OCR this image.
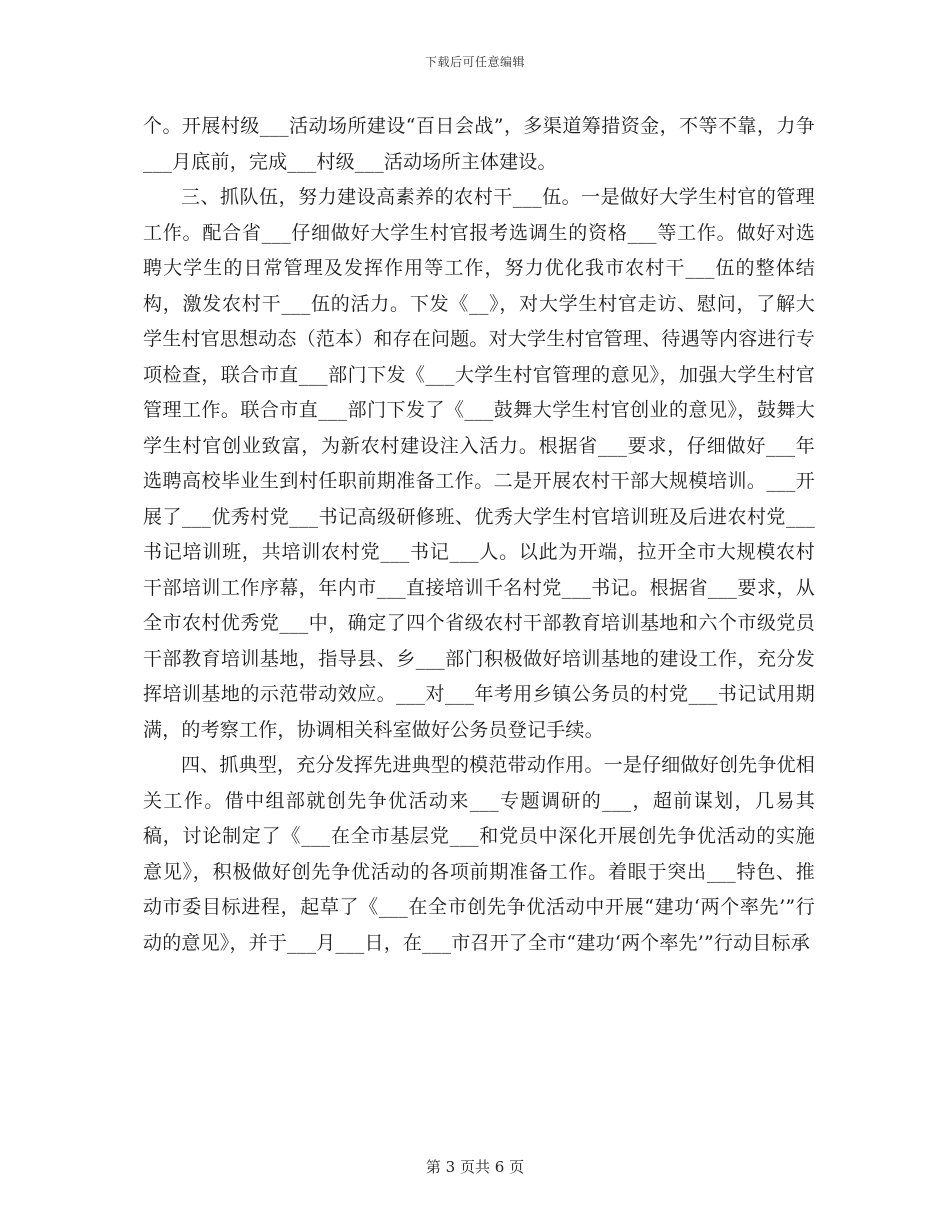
下载后可任意编辑

个。开展村级___活动场所建设“百日会战”，多渠道筹措资金，不等不靠，力争___月底前，完成___村级___活动场所主体建设。

三、抓队伍，努力建设高素养的农村干___伍。一是做好大学生村官的管理工作。配合省___仔细做好大学生村官报考选调生的资格___等工作。做好对选聘大学生的日常管理及发挥作用等工作，努力优化我市农村干___伍的整体结构，激发农村干___伍的活力。下发《__》，对大学生村官走访、慰问，了解大学生村官思想动态（范本）和存在问题。对大学生村官管理、待遇等内容进行专项检查，联合市直___部门下发《___大学生村官管理的意见》，加强大学生村官管理工作。联合市直___部门下发了《___鼓舞大学生村官创业的意见》，鼓舞大学生村官创业致富，为新农村建设注入活力。根据省___要求，仔细做好___年选聘高校毕业生到村任职前期准备工作。二是开展农村干部大规模培训。___开展了___优秀村党___书记高级研修班、优秀大学生村官培训班及后进农村党___书记培训班，共培训农村党___书记___人。以此为开端，拉开全市大规模农村干部培训工作序幕，年内市___直接培训千名村党___书记。根据省___要求，从全市农村优秀党___中，确定了四个省级农村干部教育培训基地和六个市级党员干部教育培训基地，指导县、乡___部门积极做好培训基地的建设工作，充分发挥培训基地的示范带动效应。___对___年考用乡镇公务员的村党___书记试用期满，的考察工作，协调相关科室做好公务员登记手续。

四、抓典型，充分发挥先进典型的模范带动作用。一是仔细做好创先争优相关工作。借中组部就创先争优活动来___专题调研的___，超前谋划，几易其稿，讨论制定了《___在全市基层党___和党员中深化开展创先争优活动的实施意见》，积极做好创先争优活动的各项前期准备工作。着眼于突出___特色、推动市委目标进程，起草了《___在全市创先争优活动中开展“建功‘两个率先’”行动的意见》，并于___月___日，在___市召开了全市“建功‘两个率先’”行动目标承

第 3 页共 6 页
